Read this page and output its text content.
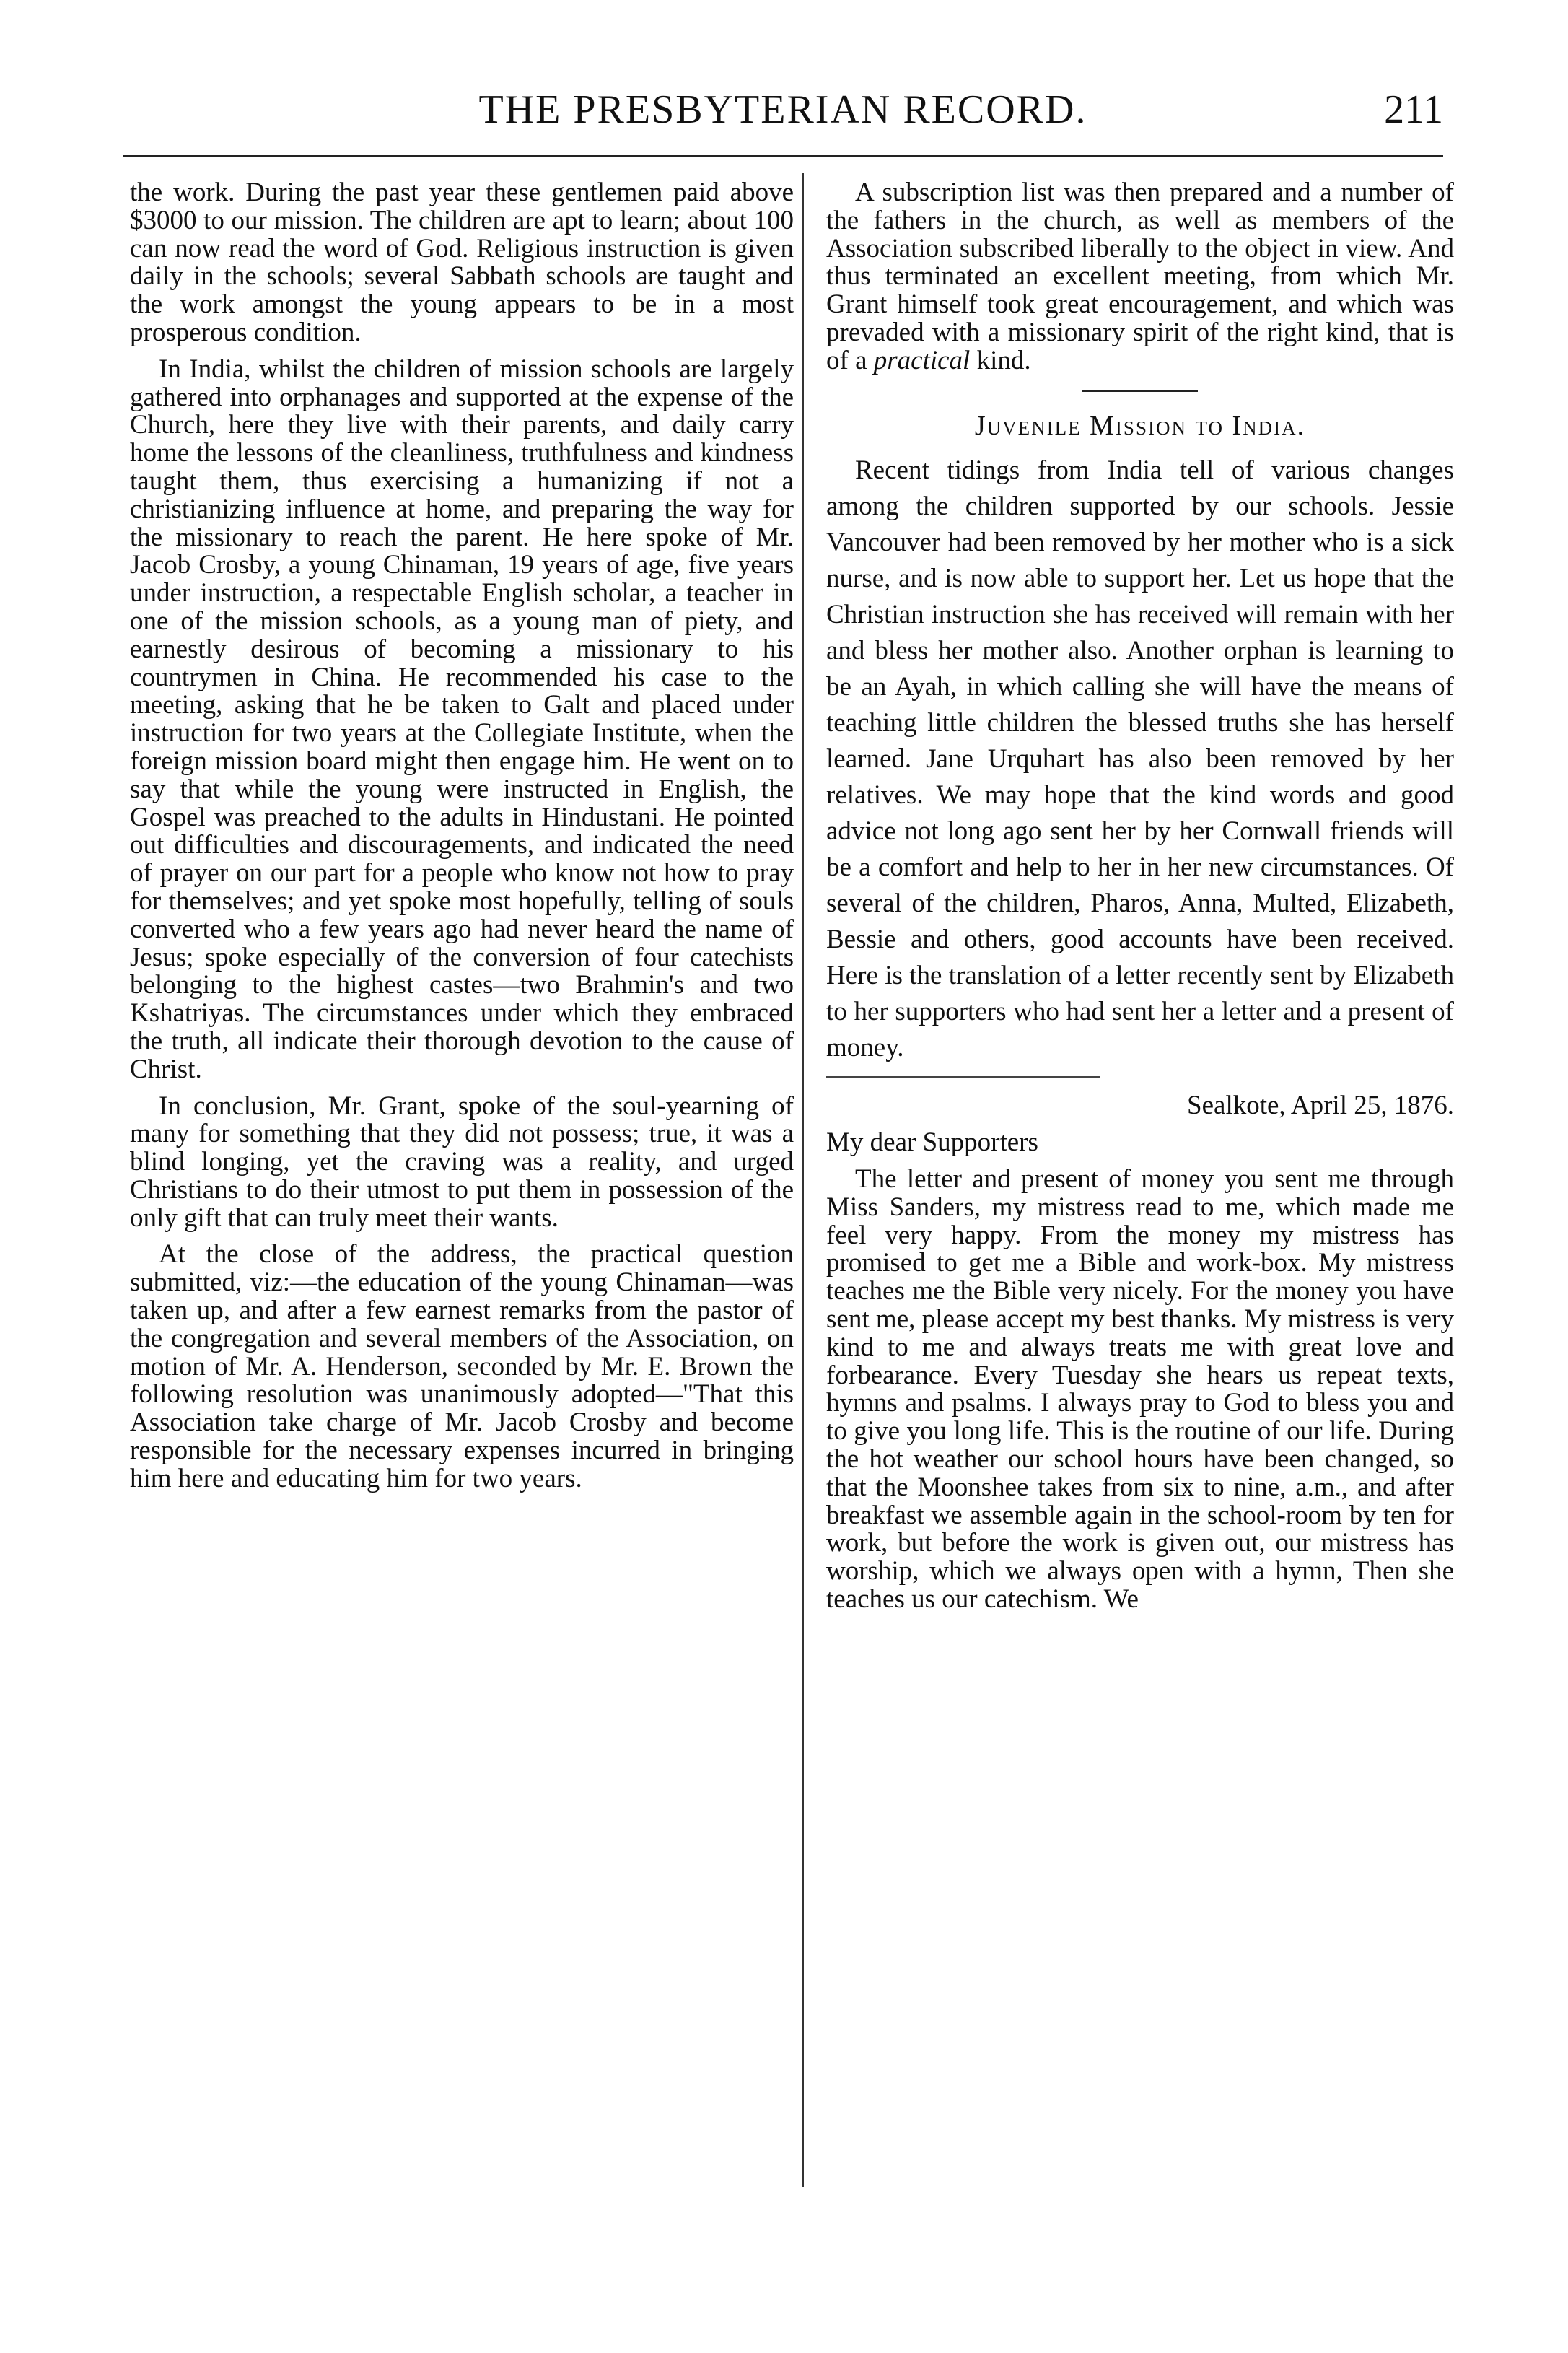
THE PRESBYTERIAN RECORD.	211

the work. During the past year these gentlemen paid above $3000 to our mission. The children are apt to learn; about 100 can now read the word of God. Religious instruction is given daily in the schools; several Sabbath schools are taught and the work amongst the young appears to be in a most prosperous condition.

In India, whilst the children of mission schools are largely gathered into orphanages and supported at the expense of the Church, here they live with their parents, and daily carry home the lessons of the cleanliness, truthfulness and kindness taught them, thus exercising a humanizing if not a christianizing influence at home, and preparing the way for the missionary to reach the parent. He here spoke of Mr. Jacob Crosby, a young Chinaman, 19 years of age, five years under instruction, a respectable English scholar, a teacher in one of the mission schools, as a young man of piety, and earnestly desirous of becoming a missionary to his countrymen in China. He recommended his case to the meeting, asking that he be taken to Galt and placed under instruction for two years at the Collegiate Institute, when the foreign mission board might then engage him. He went on to say that while the young were instructed in English, the Gospel was preached to the adults in Hindustani. He pointed out difficulties and discouragements, and indicated the need of prayer on our part for a people who know not how to pray for themselves; and yet spoke most hopefully, telling of souls converted who a few years ago had never heard the name of Jesus; spoke especially of the conversion of four catechists belonging to the highest castes—two Brahmin's and two Kshatriyas. The circumstances under which they embraced the truth, all indicate their thorough devotion to the cause of Christ.

In conclusion, Mr. Grant, spoke of the soul-yearning of many for something that they did not possess; true, it was a blind longing, yet the craving was a reality, and urged Christians to do their utmost to put them in possession of the only gift that can truly meet their wants.

At the close of the address, the practical question submitted, viz:—the education of the young Chinaman—was taken up, and after a few earnest remarks from the pastor of the congregation and several members of the Association, on motion of Mr. A. Henderson, seconded by Mr. E. Brown the following resolution was unanimously adopted—"That this Association take charge of Mr. Jacob Crosby and become responsible for the necessary expenses incurred in bringing him here and educating him for two years.

A subscription list was then prepared and a number of the fathers in the church, as well as members of the Association subscribed liberally to the object in view. And thus terminated an excellent meeting, from which Mr. Grant himself took great encouragement, and which was prevaded with a missionary spirit of the right kind, that is of a practical kind.

Juvenile Mission to India.

Recent tidings from India tell of various changes among the children supported by our schools. Jessie Vancouver had been removed by her mother who is a sick nurse, and is now able to support her. Let us hope that the Christian instruction she has received will remain with her and bless her mother also. Another orphan is learning to be an Ayah, in which calling she will have the means of teaching little children the blessed truths she has herself learned. Jane Urquhart has also been removed by her relatives. We may hope that the kind words and good advice not long ago sent her by her Cornwall friends will be a comfort and help to her in her new circumstances. Of several of the children, Pharos, Anna, Multed, Elizabeth, Bessie and others, good accounts have been received. Here is the translation of a letter recently sent by Elizabeth to her supporters who had sent her a letter and a present of money.

Sealkote, April 25, 1876.

My dear Supporters

The letter and present of money you sent me through Miss Sanders, my mistress read to me, which made me feel very happy. From the money my mistress has promised to get me a Bible and work-box. My mistress teaches me the Bible very nicely. For the money you have sent me, please accept my best thanks. My mistress is very kind to me and always treats me with great love and forbearance. Every Tuesday she hears us repeat texts, hymns and psalms. I always pray to God to bless you and to give you long life. This is the routine of our life. During the hot weather our school hours have been changed, so that the Moonshee takes from six to nine, a.m., and after breakfast we assemble again in the school-room by ten for work, but before the work is given out, our mistress has worship, which we always open with a hymn, Then she teaches us our catechism. We
